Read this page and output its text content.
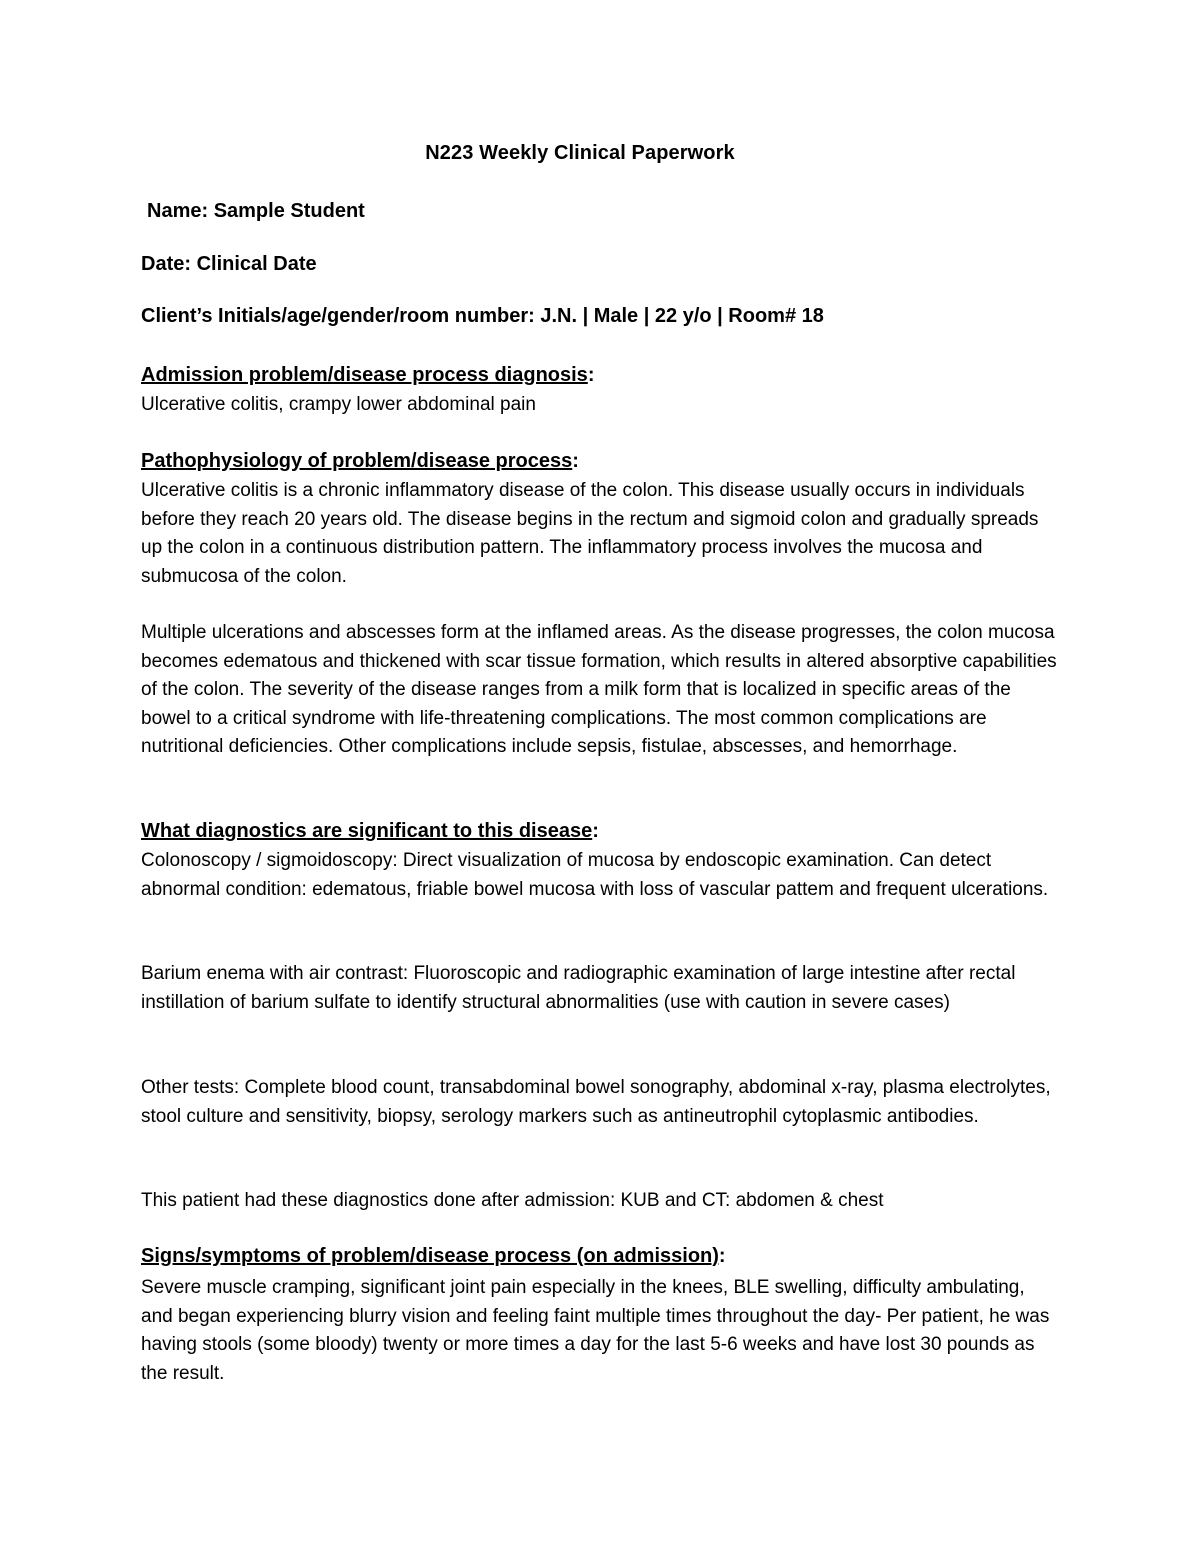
N223 Weekly Clinical Paperwork
Name: Sample Student
Date: Clinical Date
Client’s Initials/age/gender/room number: J.N. | Male | 22 y/o | Room# 18
Admission problem/disease process diagnosis:
Ulcerative colitis, crampy lower abdominal pain
Pathophysiology of problem/disease process:
Ulcerative colitis is a chronic inflammatory disease of the colon. This disease usually occurs in individuals before they reach 20 years old. The disease begins in the rectum and sigmoid colon and gradually spreads up the colon in a continuous distribution pattern. The inflammatory process involves the mucosa and submucosa of the colon.
Multiple ulcerations and abscesses form at the inflamed areas. As the disease progresses, the colon mucosa becomes edematous and thickened with scar tissue formation, which results in altered absorptive capabilities of the colon. The severity of the disease ranges from a milk form that is localized in specific areas of the bowel to a critical syndrome with life-threatening complications. The most common complications are nutritional deficiencies. Other complications include sepsis, fistulae, abscesses, and hemorrhage.
What diagnostics are significant to this disease:
Colonoscopy / sigmoidoscopy: Direct visualization of mucosa by endoscopic examination. Can detect abnormal condition: edematous, friable bowel mucosa with loss of vascular pattem and frequent ulcerations.
Barium enema with air contrast: Fluoroscopic and radiographic examination of large intestine after rectal instillation of barium sulfate to identify structural abnormalities (use with caution in severe cases)
Other tests: Complete blood count, transabdominal bowel sonography, abdominal x-ray, plasma electrolytes, stool culture and sensitivity, biopsy, serology markers such as antineutrophil cytoplasmic antibodies.
This patient had these diagnostics done after admission: KUB and CT: abdomen & chest
Signs/symptoms of problem/disease process (on admission):
Severe muscle cramping, significant joint pain especially in the knees, BLE swelling, difficulty ambulating, and began experiencing blurry vision and feeling faint multiple times throughout the day- Per patient, he was having stools (some bloody) twenty or more times a day for the last 5-6 weeks and have lost 30 pounds as the result.
